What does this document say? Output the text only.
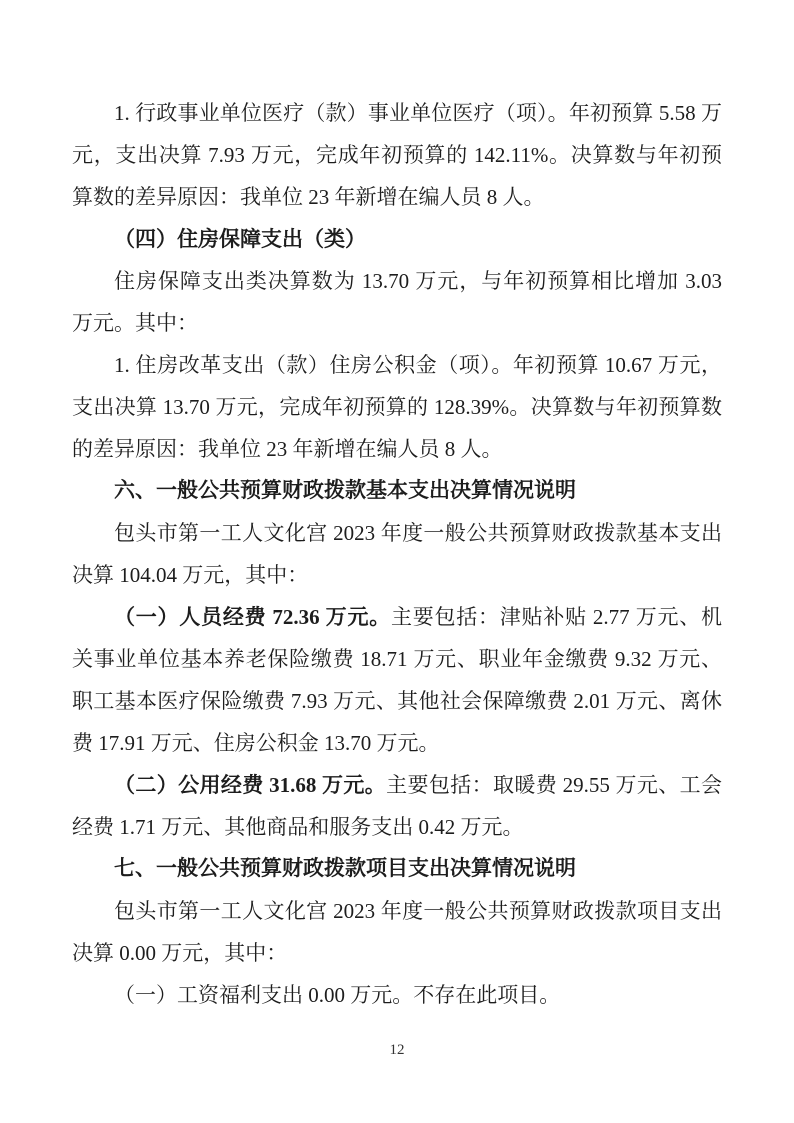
1. 行政事业单位医疗（款）事业单位医疗（项）。年初预算 5.58 万元，支出决算 7.93 万元，完成年初预算的 142.11%。决算数与年初预算数的差异原因：我单位 23 年新增在编人员 8 人。

（四）住房保障支出（类）

住房保障支出类决算数为 13.70 万元，与年初预算相比增加 3.03 万元。其中：

1. 住房改革支出（款）住房公积金（项）。年初预算 10.67 万元，支出决算 13.70 万元，完成年初预算的 128.39%。决算数与年初预算数的差异原因：我单位 23 年新增在编人员 8 人。

六、一般公共预算财政拨款基本支出决算情况说明

包头市第一工人文化宫 2023 年度一般公共预算财政拨款基本支出决算 104.04 万元，其中：

（一）人员经费 72.36 万元。主要包括：津贴补贴 2.77 万元、机关事业单位基本养老保险缴费 18.71 万元、职业年金缴费 9.32 万元、职工基本医疗保险缴费 7.93 万元、其他社会保障缴费 2.01 万元、离休费 17.91 万元、住房公积金 13.70 万元。

（二）公用经费 31.68 万元。主要包括：取暖费 29.55 万元、工会经费 1.71 万元、其他商品和服务支出 0.42 万元。

七、一般公共预算财政拨款项目支出决算情况说明

包头市第一工人文化宫 2023 年度一般公共预算财政拨款项目支出决算 0.00 万元，其中：

（一）工资福利支出 0.00 万元。不存在此项目。

12
